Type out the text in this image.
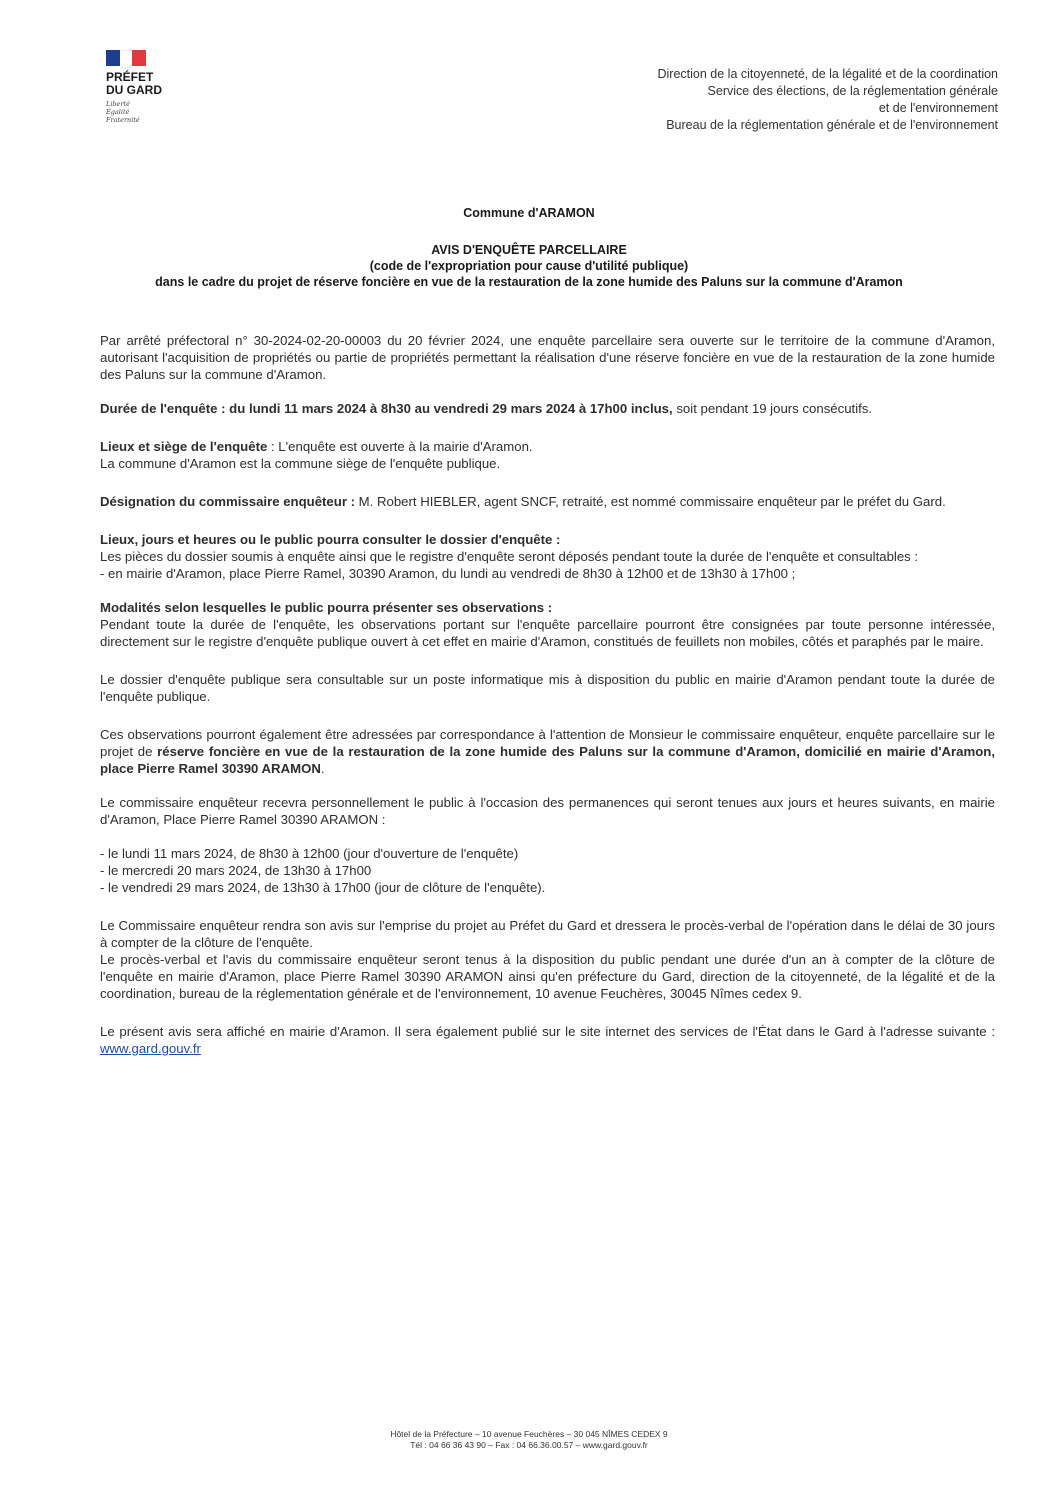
PRÉFET
DU GARD
Liberté
Égalité
Fraternité
Direction de la citoyenneté, de la légalité et de la coordination
Service des élections, de la réglementation générale
et de l'environnement
Bureau de la réglementation générale et de l'environnement
Commune d'ARAMON
AVIS D'ENQUÊTE PARCELLAIRE
(code de l'expropriation pour cause d'utilité publique)
dans le cadre du projet de réserve foncière en vue de la restauration de la zone humide des Paluns sur la commune d'Aramon

Par arrêté préfectoral n° 30-2024-02-20-00003 du 20 février 2024, une enquête parcellaire sera ouverte sur le territoire de la commune d'Aramon, autorisant l'acquisition de propriétés ou partie de propriétés permettant la réalisation d'une réserve foncière en vue de la restauration de la zone humide des Paluns sur la commune d'Aramon.

Durée de l'enquête : du lundi 11 mars 2024 à 8h30 au vendredi 29 mars 2024 à 17h00 inclus, soit pendant 19 jours consécutifs.

Lieux et siège de l'enquête : L'enquête est ouverte à la mairie d'Aramon.

La commune d'Aramon est la commune siège de l'enquête publique.

Désignation du commissaire enquêteur : M. Robert HIEBLER, agent SNCF, retraité, est nommé commissaire enquêteur par le préfet du Gard.

Lieux, jours et heures ou le public pourra consulter le dossier d'enquête :

Les pièces du dossier soumis à enquête ainsi que le registre d'enquête seront déposés pendant toute la durée de l'enquête et consultables :

- en mairie d'Aramon, place Pierre Ramel, 30390 Aramon, du lundi au vendredi de 8h30 à 12h00 et de 13h30 à 17h00 ;

Modalités selon lesquelles le public pourra présenter ses observations :

Pendant toute la durée de l'enquête, les observations portant sur l'enquête parcellaire pourront être consignées par toute personne intéressée, directement sur le registre d'enquête publique ouvert à cet effet en mairie d'Aramon, constitués de feuillets non mobiles, côtés et paraphés par le maire.

Le dossier d'enquête publique sera consultable sur un poste informatique mis à disposition du public en mairie d'Aramon pendant toute la durée de l'enquête publique.

Ces observations pourront également être adressées par correspondance à l'attention de Monsieur le commissaire enquêteur, enquête parcellaire sur le projet de réserve foncière en vue de la restauration de la zone humide des Paluns sur la commune d'Aramon, domicilié en mairie d'Aramon, place Pierre Ramel 30390 ARAMON.

Le commissaire enquêteur recevra personnellement le public à l'occasion des permanences qui seront tenues aux jours et heures suivants, en mairie d'Aramon, Place Pierre Ramel 30390 ARAMON :

- le lundi 11 mars 2024, de 8h30 à 12h00 (jour d'ouverture de l'enquête)

- le mercredi 20 mars 2024, de 13h30 à 17h00

- le vendredi 29 mars 2024, de 13h30 à 17h00 (jour de clôture de l'enquête).

Le Commissaire enquêteur rendra son avis sur l'emprise du projet au Préfet du Gard et dressera le procès-verbal de l'opération dans le délai de 30 jours à compter de la clôture de l'enquête.

Le procès-verbal et l'avis du commissaire enquêteur seront tenus à la disposition du public pendant une durée d'un an à compter de la clôture de l'enquête en mairie d'Aramon, place Pierre Ramel 30390 ARAMON ainsi qu'en préfecture du Gard, direction de la citoyenneté, de la légalité et de la coordination, bureau de la réglementation générale et de l'environnement, 10 avenue Feuchères, 30045 Nîmes cedex 9.

Le présent avis sera affiché en mairie d'Aramon. Il sera également publié sur le site internet des services de l'État dans le Gard à l'adresse suivante : www.gard.gouv.fr

Hôtel de la Préfecture – 10 avenue Feuchères – 30 045 NÎMES CEDEX 9
Tél : 04 66 36 43 90 – Fax : 04 66.36.00.57 – www.gard.gouv.fr
